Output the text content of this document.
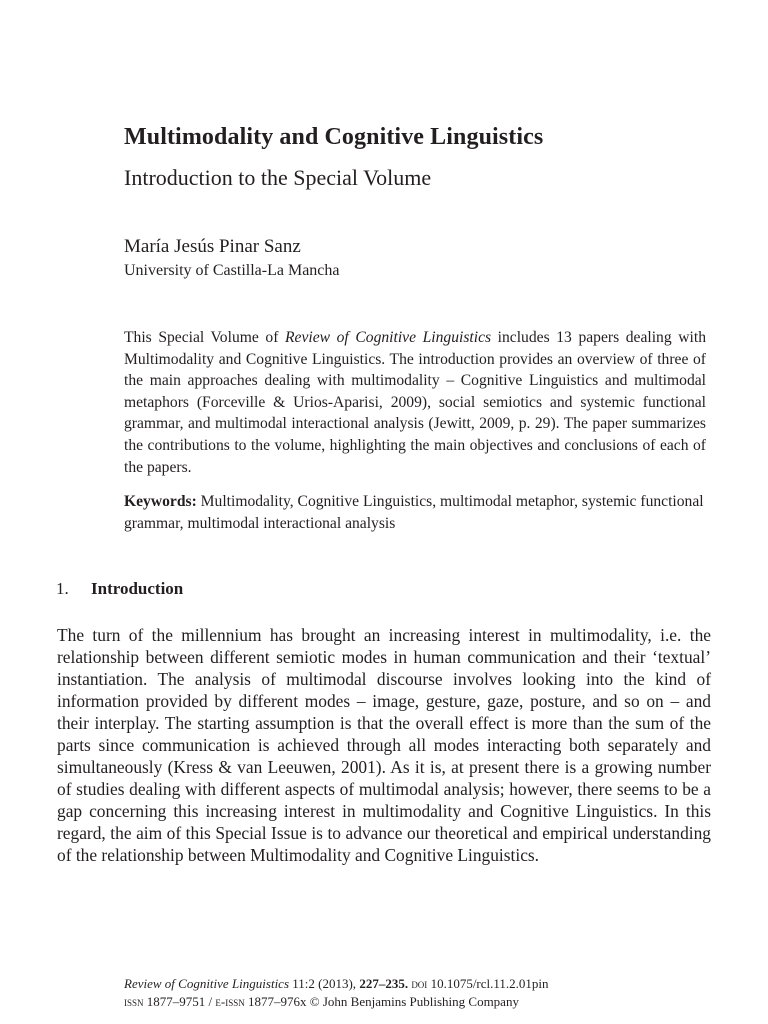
Multimodality and Cognitive Linguistics
Introduction to the Special Volume
María Jesús Pinar Sanz
University of Castilla-La Mancha

This Special Volume of Review of Cognitive Linguistics includes 13 papers dealing with Multimodality and Cognitive Linguistics. The introduction provides an overview of three of the main approaches dealing with multimodality – Cognitive Linguistics and multimodal metaphors (Forceville & Urios-Aparisi, 2009), social semiotics and systemic functional grammar, and multimodal interactional analysis (Jewitt, 2009, p. 29). The paper summarizes the contributions to the volume, highlighting the main objectives and conclusions of each of the papers.

Keywords: Multimodality, Cognitive Linguistics, multimodal metaphor, systemic functional grammar, multimodal interactional analysis
1. Introduction

The turn of the millennium has brought an increasing interest in multimodality, i.e. the relationship between different semiotic modes in human communication and their ‘textual’ instantiation. The analysis of multimodal discourse involves looking into the kind of information provided by different modes – image, gesture, gaze, posture, and so on – and their interplay. The starting assumption is that the overall effect is more than the sum of the parts since communication is achieved through all modes interacting both separately and simultaneously (Kress & van Leeuwen, 2001). As it is, at present there is a growing number of studies dealing with different aspects of multimodal analysis; however, there seems to be a gap concerning this increasing interest in multimodality and Cognitive Linguistics. In this regard, the aim of this Special Issue is to advance our theoretical and empirical understanding of the relationship between Multimodality and Cognitive Linguistics.

Review of Cognitive Linguistics 11:2 (2013), 227–235. doi 10.1075/rcl.11.2.01pin
issn 1877–9751 / e-issn 1877–976x © John Benjamins Publishing Company
